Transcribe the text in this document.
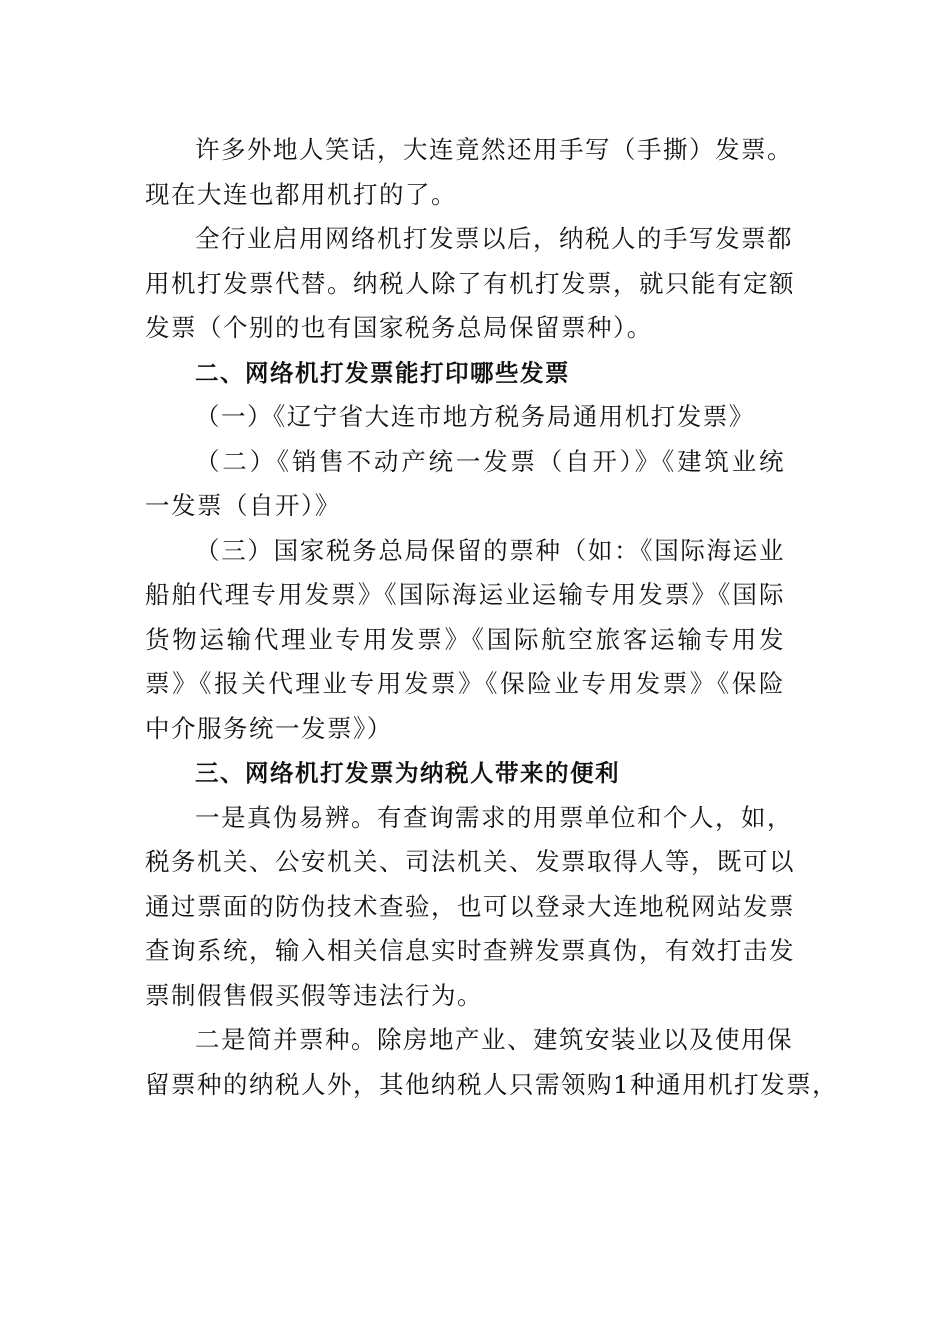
许多外地人笑话，大连竟然还用手写（手撕）发票。
现在大连也都用机打的了。
全行业启用网络机打发票以后，纳税人的手写发票都
用机打发票代替。纳税人除了有机打发票，就只能有定额
发票（个别的也有国家税务总局保留票种）。
二、网络机打发票能打印哪些发票
（一）《辽宁省大连市地方税务局通用机打发票》
（二）《销售不动产统一发票（自开）》《建筑业统
一发票（自开）》
（三）国家税务总局保留的票种（如：《国际海运业
船舶代理专用发票》《国际海运业运输专用发票》《国际
货物运输代理业专用发票》《国际航空旅客运输专用发
票》《报关代理业专用发票》《保险业专用发票》《保险
中介服务统一发票》）
三、网络机打发票为纳税人带来的便利
一是真伪易辨。有查询需求的用票单位和个人，如，
税务机关、公安机关、司法机关、发票取得人等，既可以
通过票面的防伪技术查验，也可以登录大连地税网站发票
查询系统，输入相关信息实时查辨发票真伪，有效打击发
票制假售假买假等违法行为。
二是简并票种。除房地产业、建筑安装业以及使用保
留票种的纳税人外，其他纳税人只需领购1种通用机打发票，
